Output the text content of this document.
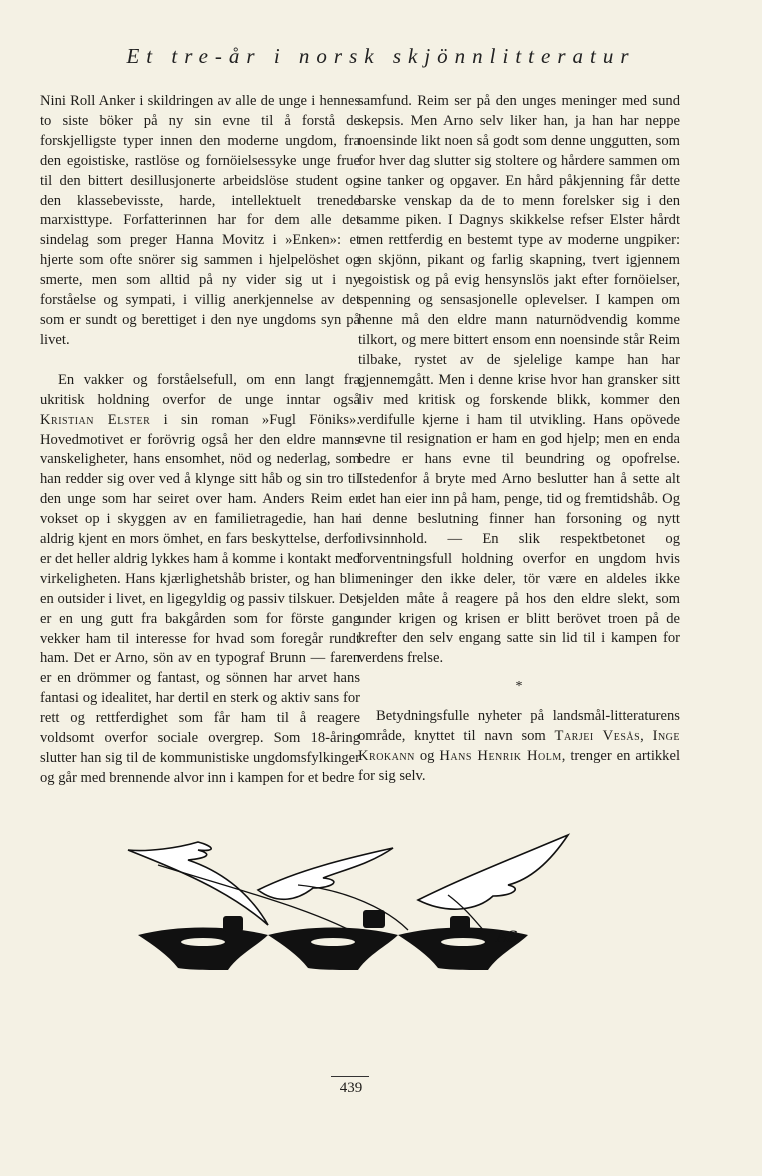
Et tre-år i norsk skjönnlitteratur

Nini Roll Anker i skildringen av alle de unge i hennes to siste böker på ny sin evne til å forstå de forskjelligste typer innen den moderne ungdom, fra den egoistiske, rastlöse og fornöielsessyke unge frue til den bittert desillusjonerte arbeidslöse student og den klassebevisste, harde, intellektuelt trenede marxisttype. Forfatterinnen har for dem alle det sindelag som preger Hanna Movitz i »Enken»: et hjerte som ofte snörer sig sammen i hjelpelöshet og smerte, men som alltid på ny vider sig ut i ny forståelse og sympati, i villig anerkjennelse av det som er sundt og berettiget i den nye ungdoms syn på livet.

En vakker og forståelsefull, om enn langt fra ukritisk holdning overfor de unge inntar også Kristian Elster i sin roman »Fugl Föniks». Hovedmotivet er forövrig også her den eldre manns vanskeligheter, hans ensomhet, nöd og nederlag, som han redder sig over ved å klynge sitt håb og sin tro til den unge som har seiret over ham. Anders Reim er vokset op i skyggen av en familietragedie, han har aldrig kjent en mors ömhet, en fars beskyttelse, derfor er det heller aldrig lykkes ham å komme i kontakt med virkeligheten. Hans kjærlighetshåb brister, og han blir en outsider i livet, en ligegyldig og passiv tilskuer. Det er en ung gutt fra bakgården som for förste gang vekker ham til interesse for hvad som foregår rundt ham. Det er Arno, sön av en typograf Brunn — faren er en drömmer og fantast, og sönnen har arvet hans fantasi og idealitet, har dertil en sterk og aktiv sans for rett og rettferdighet som får ham til å reagere voldsomt overfor sociale overgrep. Som 18-åring slutter han sig til de kommunistiske ungdomsfylkinger og går med brennende alvor inn i kampen for et bedre

samfund. Reim ser på den unges meninger med sund skepsis. Men Arno selv liker han, ja han har neppe noensinde likt noen så godt som denne unggutten, som for hver dag slutter sig stoltere og hårdere sammen om sine tanker og opgaver. En hård påkjenning får dette barske venskap da de to menn forelsker sig i den samme piken. I Dagnys skikkelse refser Elster hårdt men rettferdig en bestemt type av moderne ungpiker: en skjönn, pikant og farlig skapning, tvert igjennem egoistisk og på evig hensynslös jakt efter fornöielser, spenning og sensasjonelle oplevelser. I kampen om henne må den eldre mann naturnödvendig komme tilkort, og mere bittert ensom enn noensinde står Reim tilbake, rystet av de sjelelige kampe han har gjennemgått. Men i denne krise hvor han gransker sitt liv med kritisk og forskende blikk, kommer den verdifulle kjerne i ham til utvikling. Hans opövede evne til resignation er ham en god hjelp; men en enda bedre er hans evne til beundring og opofrelse. Istedenfor å bryte med Arno beslutter han å sette alt det han eier inn på ham, penge, tid og fremtidshåb. Og i denne beslutning finner han forsoning og nytt livsinnhold. — En slik respektbetonet og forventningsfull holdning overfor en ungdom hvis meninger den ikke deler, tör være en aldeles ikke sjelden måte å reagere på hos den eldre slekt, som under krigen og krisen er blitt berövet troen på de krefter den selv engang satte sin lid til i kampen for verdens frelse.

*

Betydningsfulle nyheter på landsmål-litteraturens område, knyttet til navn som Tarjei Vesås, Inge Krokann og Hans Henrik Holm, trenger en artikkel for sig selv.

AS
439
